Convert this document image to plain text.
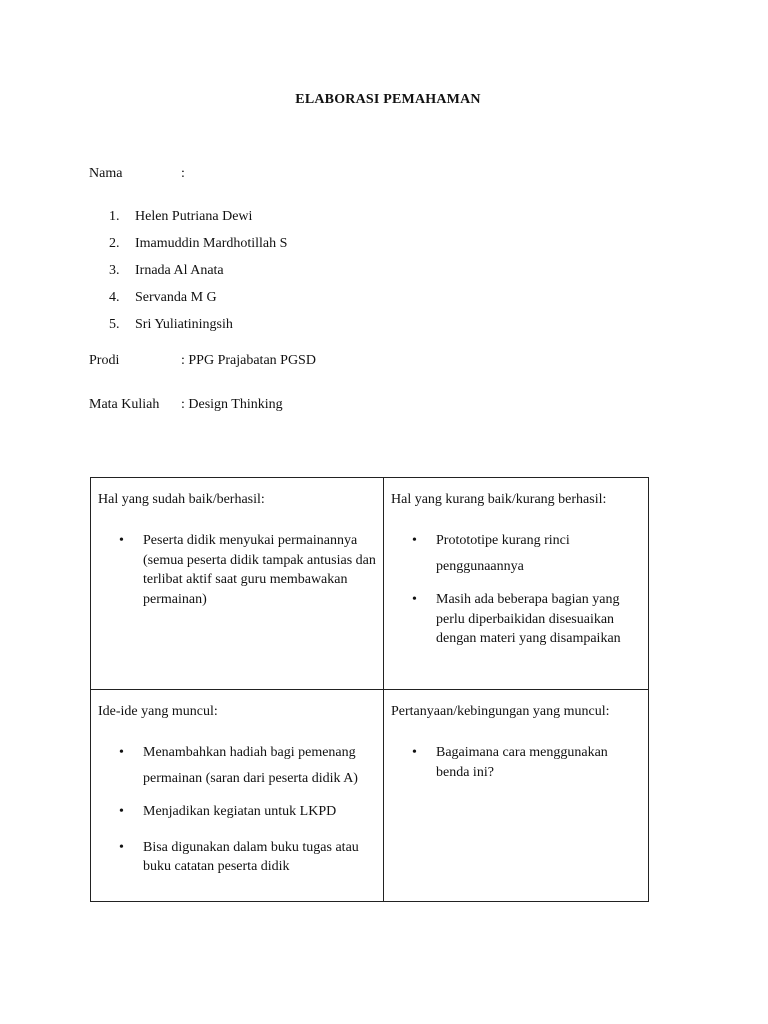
ELABORASI PEMAHAMAN
Nama	:
1.	Helen Putriana Dewi
2.	Imamuddin Mardhotillah S
3.	Irnada Al Anata
4.	Servanda M G
5.	Sri Yuliatiningsih
Prodi	: PPG Prajabatan PGSD
Mata Kuliah : Design Thinking
Hal yang sudah baik/berhasil:
• Peserta didik menyukai permainannya (semua peserta didik tampak antusias dan terlibat aktif saat guru membawakan permainan)
Hal yang kurang baik/kurang berhasil:
• Protototipe kurang rinci penggunaannya
• Masih ada beberapa bagian yang perlu diperbaikidan disesuaikan dengan materi yang disampaikan
Ide-ide yang muncul:
• Menambahkan hadiah bagi pemenang permainan (saran dari peserta didik A)
• Menjadikan kegiatan untuk LKPD
• Bisa digunakan dalam buku tugas atau buku catatan peserta didik
Pertanyaan/kebingungan yang muncul:
• Bagaimana cara menggunakan benda ini?
